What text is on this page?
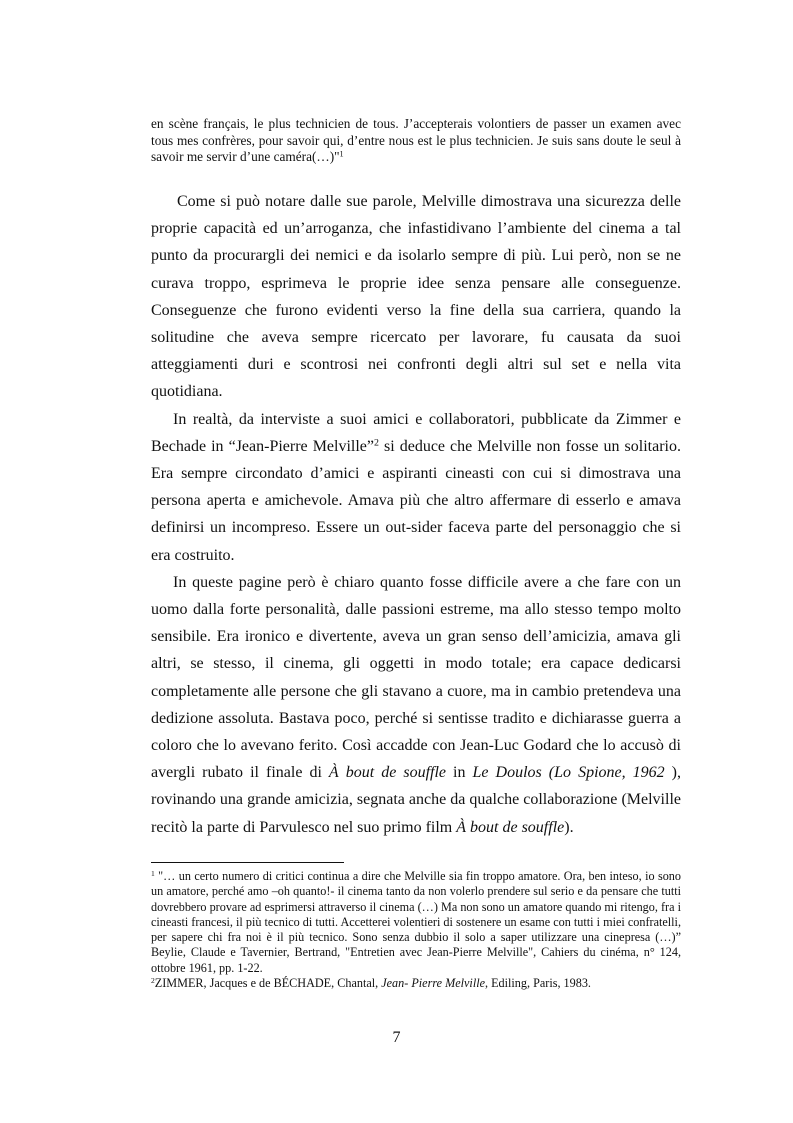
en scène français, le plus technicien de tous. J’accepterais volontiers de passer un examen avec tous mes confrères, pour savoir qui, d’entre nous est le plus technicien. Je suis sans doute le seul à savoir me servir d’une caméra(…)"$^1$

Come si può notare dalle sue parole, Melville dimostrava una sicurezza delle proprie capacità ed un’arroganza, che infastidivano l’ambiente del cinema a tal punto da procurargli dei nemici e da isolarlo sempre di più. Lui però, non se ne curava troppo, esprimeva le proprie idee senza pensare alle conseguenze. Conseguenze che furono evidenti verso la fine della sua carriera, quando la solitudine che aveva sempre ricercato per lavorare, fu causata da suoi atteggiamenti duri e scontrosi nei confronti degli altri sul set e nella vita quotidiana.

In realtà, da interviste a suoi amici e collaboratori, pubblicate da Zimmer e Bechade in “Jean-Pierre Melville”$^2$ si deduce che Melville non fosse un solitario. Era sempre circondato d’amici e aspiranti cineasti con cui si dimostrava una persona aperta e amichevole. Amava più che altro affermare di esserlo e amava definirsi un incompreso. Essere un out-sider faceva parte del personaggio che si era costruito.

In queste pagine però è chiaro quanto fosse difficile avere a che fare con un uomo dalla forte personalità, dalle passioni estreme, ma allo stesso tempo molto sensibile. Era ironico e divertente, aveva un gran senso dell’amicizia, amava gli altri, se stesso, il cinema, gli oggetti in modo totale; era capace dedicarsi completamente alle persone che gli stavano a cuore, ma in cambio pretendeva una dedizione assoluta. Bastava poco, perché si sentisse tradito e dichiarasse guerra a coloro che lo avevano ferito. Così accadde con Jean-Luc Godard che lo accusò di avergli rubato il finale di À bout de souffle in Le Doulos (Lo Spione, 1962 ), rovinando una grande amicizia, segnata anche da qualche collaborazione (Melville recitò la parte di Parvulesco nel suo primo film À bout de souffle).

$^1$ "… un certo numero di critici continua a dire che Melville sia fin troppo amatore. Ora, ben inteso, io sono un amatore, perché amo –oh quanto!- il cinema tanto da non volerlo prendere sul serio e da pensare che tutti dovrebbero provare ad esprimersi attraverso il cinema (…) Ma non sono un amatore quando mi ritengo, fra i cineasti francesi, il più tecnico di tutti. Accetterei volentieri di sostenere un esame con tutti i miei confratelli, per sapere chi fra noi è il più tecnico. Sono senza dubbio il solo a saper utilizzare una cinepresa (…)” Beylie, Claude e Tavernier, Bertrand, "Entretien avec Jean-Pierre Melville", Cahiers du cinéma, n° 124, ottobre 1961, pp. 1-22.

$^2$ZIMMER, Jacques e de BÉCHADE, Chantal, Jean- Pierre Melville, Ediling, Paris, 1983.

7
